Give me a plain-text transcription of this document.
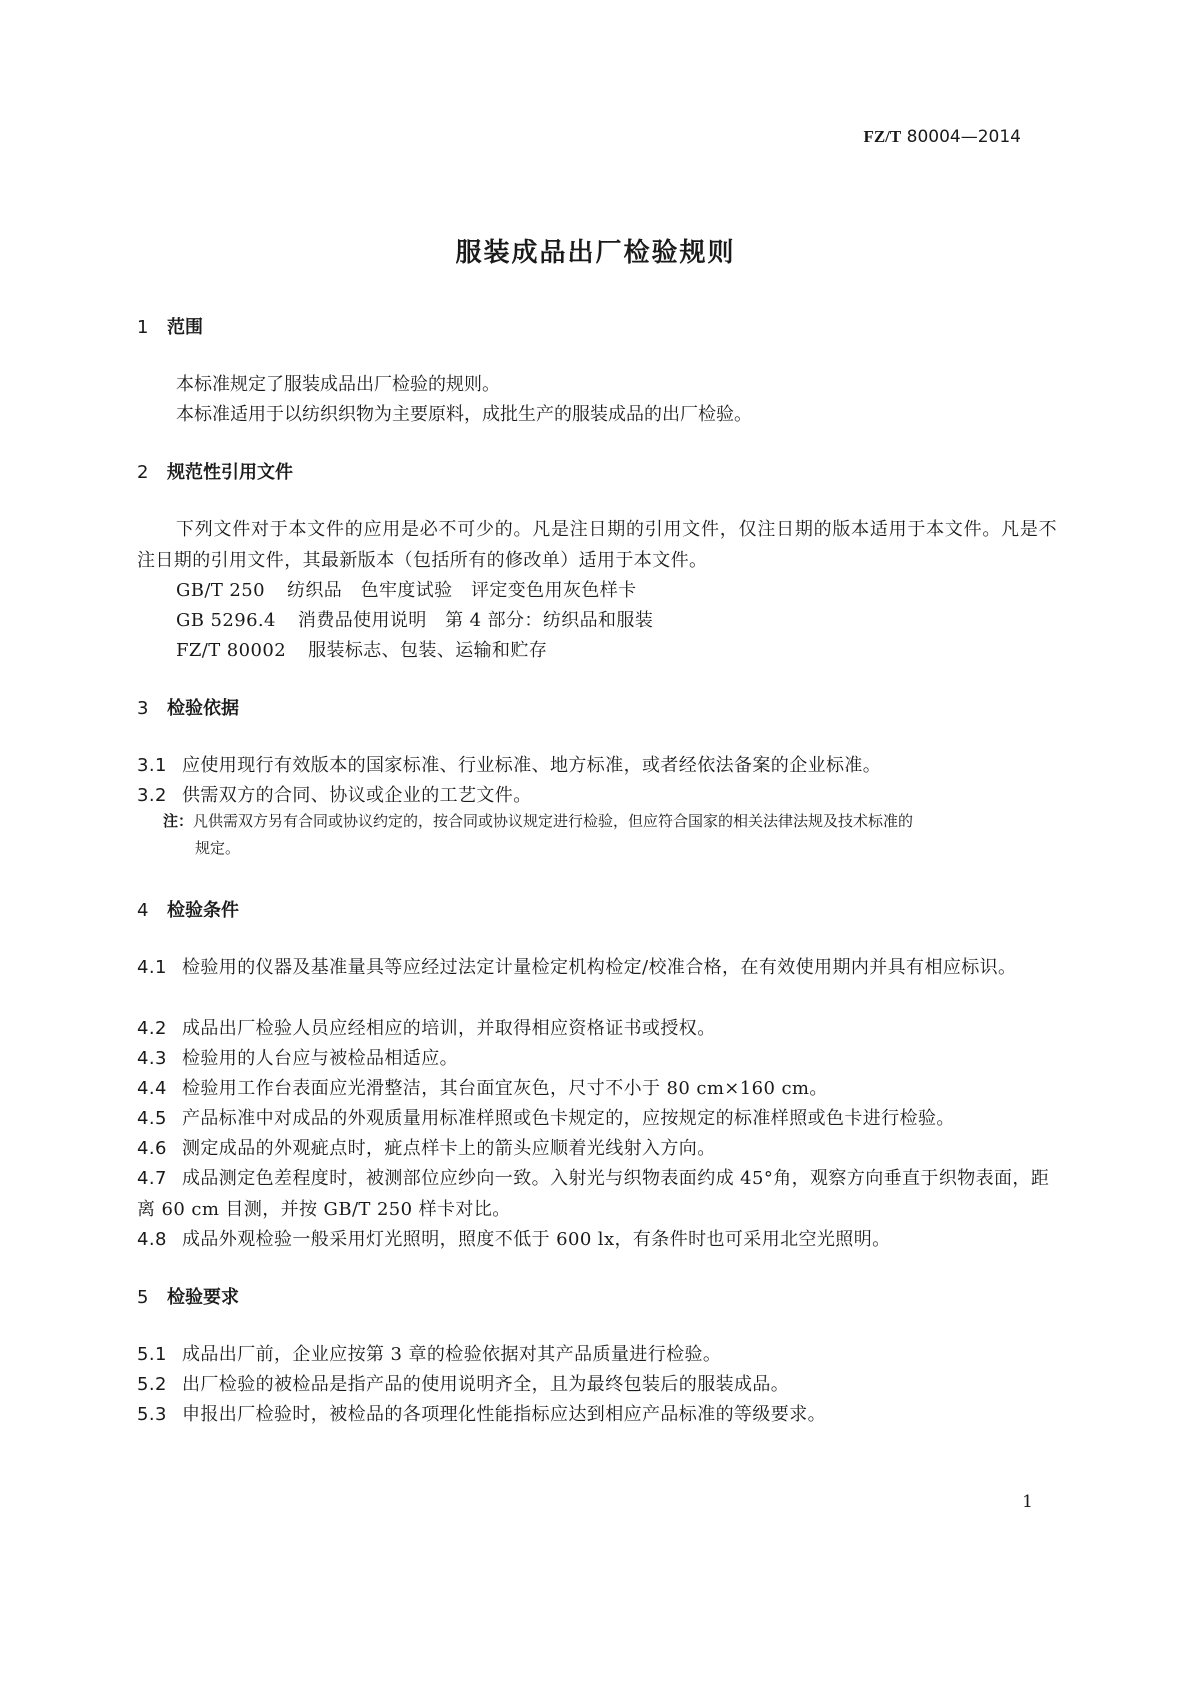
FZ/T 80004—2014
服装成品出厂检验规则
1 范围
本标准规定了服装成品出厂检验的规则。
本标准适用于以纺织织物为主要原料，成批生产的服装成品的出厂检验。
2 规范性引用文件
下列文件对于本文件的应用是必不可少的。凡是注日期的引用文件，仅注日期的版本适用于本文件。凡是不注日期的引用文件，其最新版本（包括所有的修改单）适用于本文件。
GB/T 250 纺织品　色牢度试验　评定变色用灰色样卡
GB 5296.4 消费品使用说明　第 4 部分：纺织品和服装
FZ/T 80002 服装标志、包装、运输和贮存
3 检验依据
3.1 应使用现行有效版本的国家标准、行业标准、地方标准，或者经依法备案的企业标准。
3.2 供需双方的合同、协议或企业的工艺文件。
注：凡供需双方另有合同或协议约定的，按合同或协议规定进行检验，但应符合国家的相关法律法规及技术标准的
规定。
4 检验条件
4.1 检验用的仪器及基准量具等应经过法定计量检定机构检定/校准合格，在有效使用期内并具有相应标识。
4.2 成品出厂检验人员应经相应的培训，并取得相应资格证书或授权。
4.3 检验用的人台应与被检品相适应。
4.4 检验用工作台表面应光滑整洁，其台面宜灰色，尺寸不小于 80 cm×160 cm。
4.5 产品标准中对成品的外观质量用标准样照或色卡规定的，应按规定的标准样照或色卡进行检验。
4.6 测定成品的外观疵点时，疵点样卡上的箭头应顺着光线射入方向。
4.7 成品测定色差程度时，被测部位应纱向一致。入射光与织物表面约成 45°角，观察方向垂直于织物表面，距离 60 cm 目测，并按 GB/T 250 样卡对比。
4.8 成品外观检验一般采用灯光照明，照度不低于 600 lx，有条件时也可采用北空光照明。
5 检验要求
5.1 成品出厂前，企业应按第 3 章的检验依据对其产品质量进行检验。
5.2 出厂检验的被检品是指产品的使用说明齐全，且为最终包装后的服装成品。
5.3 申报出厂检验时，被检品的各项理化性能指标应达到相应产品标准的等级要求。
1
